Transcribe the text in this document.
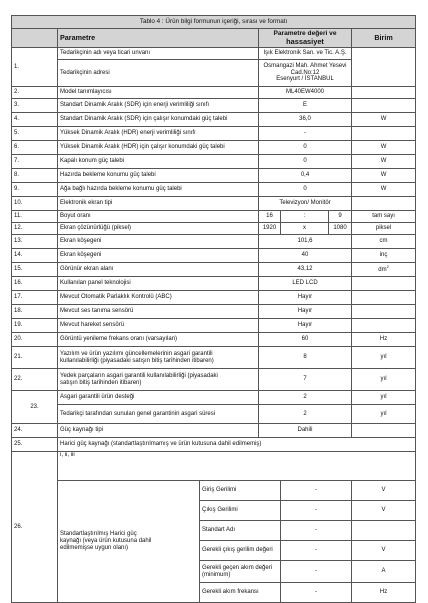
Tablo 4 : Ürün bilgi formunun içeriği, sırası ve formatı						
	Parametre		Parametre değeri ve
hassasiyet			Birim
1.	Tedarikçinin adı veya ticari unvanı		Işık Elektronik San. ve Tic. A.Ş.			
	Tedarikçinin adresi		Osmangazi Mah. Ahmet Yesevi
Cad.No:12
Esenyurt / İSTANBUL			

2.	Model tanımlayıcısı		ML40EW4000			
3.	Standart Dinamik Aralık (SDR) için enerji verimliliği sınıfı		E			
4.	Standart Dinamik Aralık (SDR) için çalışır konumdaki güç talebi		36,0			W
5.	Yüksek Dinamik Aralık (HDR) enerji verimliliği sınıfı		-			
6.	Yüksek Dinamik Aralık (HDR) için çalışır konumdaki güç talebi		0			W
7.	Kapalı konum güç talebi		0			W
8.	Hazırda bekleme konumu güç talebi		0,4			W
9.	Ağa bağlı hazırda bekleme konumu güç talebi		0			W
10.	Elektronik ekran tipi		Televizyon/ Monitör			
11.	Boyut oranı		16	:	9	tam sayı
12.	Ekran çözünürlüğü (piksel)		1920	x	1080	piksel
13.	Ekran köşegeni		101,6			cm
14.	Ekran köşegeni		40			inç
15.	Görünür ekran alanı		43,12			$dm^2$
16.	Kullanılan panel teknolojisi		LED LCD			
17.	Mevcut Otomatik Parlaklık Kontrolü (ABC)		Hayır			
18.	Mevcut ses tanıma sensörü		Hayır			
19.	Mevcut hareket sensörü		Hayır			
20.	Görüntü yenileme frekans oranı (varsayılan)		60			Hz
21.	Yazılım ve ürün yazılımı güncellemelerinin asgari garantili
kullanılabilirliği (piyasadaki satışın bitiş tarihinden itibaren)		8			yıl
22.	Yedek parçaların asgari garantili kullanılabilirliği (piyasadaki
satışın bitiş tarihinden itibaren)		7			yıl
23.	Asgari garantili ürün desteği		2			yıl
	Tedarikçi tarafından sunulan genel garantinin asgari süresi		2			yıl
24.	Güç kaynağı tipi		Dahili			
25.	Harici güç kaynağı (standartlaştırılmamış ve ürün kutusuna dahil edilmemiş)					
26.	i, ii, iii					

	Standartlaştırılmış Harici güç
kaynağı (veya ürün kutusuna dahil
edilmemişse uygun olanı)	Giriş Gerilimi		-		V
		Çıkış Gerilimi		-		V
		Standart Adı		-		
		Gerekli çıkış gerilim değeri		-		V

		Gerekli geçen akım değeri
(minimum)		-		A
		Gerekli akım frekansı		-		Hz
